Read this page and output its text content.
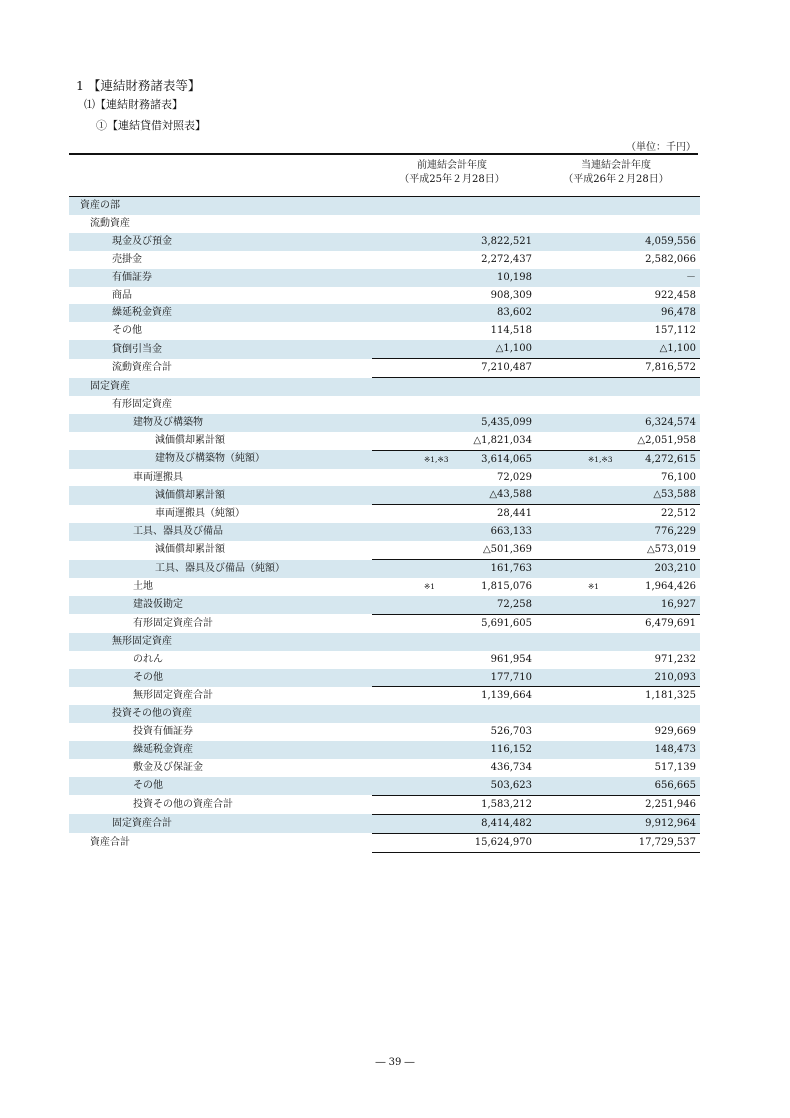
1 【連結財務諸表等】
⑴【連結財務諸表】
①【連結貸借対照表】
（単位：千円）
前連結会計年度
（平成25年２月28日）
当連結会計年度
（平成26年２月28日）
資産の部		
流動資産		
現金及び預金	3,822,521	4,059,556
売掛金	2,272,437	2,582,066
有価証券	10,198	－
商品	908,309	922,458
繰延税金資産	83,602	96,478
その他	114,518	157,112
貸倒引当金	△1,100	△1,100
流動資産合計	7,210,487	7,816,572
固定資産		
有形固定資産		
建物及び構築物	5,435,099	6,324,574
減価償却累計額	△1,821,034	△2,051,958
建物及び構築物（純額）	※1,※3 3,614,065	※1,※3 4,272,615
車両運搬具	72,029	76,100
減価償却累計額	△43,588	△53,588
車両運搬具（純額）	28,441	22,512
工具、器具及び備品	663,133	776,229
減価償却累計額	△501,369	△573,019
工具、器具及び備品（純額）	161,763	203,210
土地	※1 1,815,076	※1 1,964,426
建設仮勘定	72,258	16,927
有形固定資産合計	5,691,605	6,479,691
無形固定資産		
のれん	961,954	971,232
その他	177,710	210,093
無形固定資産合計	1,139,664	1,181,325
投資その他の資産		
投資有価証券	526,703	929,669
繰延税金資産	116,152	148,473
敷金及び保証金	436,734	517,139
その他	503,623	656,665
投資その他の資産合計	1,583,212	2,251,946
固定資産合計	8,414,482	9,912,964
資産合計	15,624,970	17,729,537
― 39 ―
